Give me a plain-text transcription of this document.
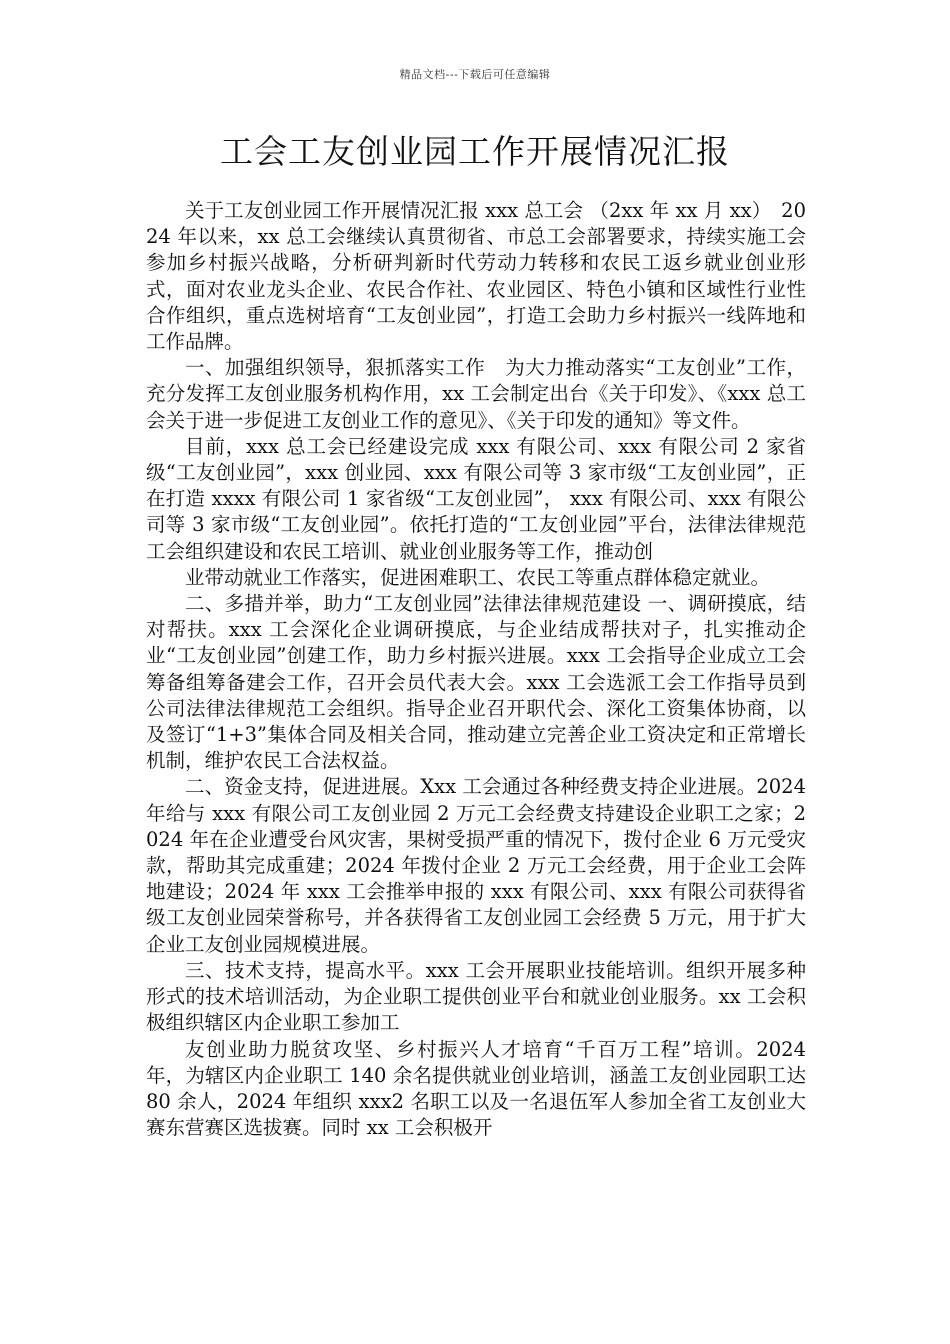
精品文档---下载后可任意编辑
工会工友创业园工作开展情况汇报

关于工友创业园工作开展情况汇报 xxx 总工会 （2xx 年 xx 月 xx）　2024 年以来，xx 总工会继续认真贯彻省、市总工会部署要求，持续实施工会参加乡村振兴战略，分析研判新时代劳动力转移和农民工返乡就业创业形式，面对农业龙头企业、农民合作社、农业园区、特色小镇和区域性行业性合作组织，重点选树培育“工友创业园”，打造工会助力乡村振兴一线阵地和工作品牌。

一、加强组织领导，狠抓落实工作　为大力推动落实“工友创业”工作，充分发挥工友创业服务机构作用，xx 工会制定出台《关于印发》、《xxx 总工会关于进一步促进工友创业工作的意见》、《关于印发的通知》等文件。

目前，xxx 总工会已经建设完成 xxx 有限公司、xxx 有限公司 2 家省级“工友创业园”，xxx 创业园、xxx 有限公司等 3 家市级“工友创业园”，正在打造 xxxx 有限公司 1 家省级“工友创业园”， xxx 有限公司、xxx 有限公司等 3 家市级“工友创业园”。依托打造的“工友创业园”平台，法律法律规范工会组织建设和农民工培训、就业创业服务等工作，推动创

业带动就业工作落实，促进困难职工、农民工等重点群体稳定就业。

二、多措并举，助力“工友创业园”法律法律规范建设 一、调研摸底，结对帮扶。xxx 工会深化企业调研摸底，与企业结成帮扶对子，扎实推动企业“工友创业园”创建工作，助力乡村振兴进展。xxx 工会指导企业成立工会筹备组筹备建会工作，召开会员代表大会。xxx 工会选派工会工作指导员到公司法律法律规范工会组织。指导企业召开职代会、深化工资集体协商，以及签订“1+3”集体合同及相关合同，推动建立完善企业工资决定和正常增长机制，维护农民工合法权益。

二、资金支持，促进进展。Xxx 工会通过各种经费支持企业进展。2024 年给与 xxx 有限公司工友创业园 2 万元工会经费支持建设企业职工之家；2024 年在企业遭受台风灾害，果树受损严重的情况下，拨付企业 6 万元受灾款，帮助其完成重建；2024 年拨付企业 2 万元工会经费，用于企业工会阵地建设；2024 年 xxx 工会推举申报的 xxx 有限公司、xxx 有限公司获得省级工友创业园荣誉称号，并各获得省工友创业园工会经费 5 万元，用于扩大企业工友创业园规模进展。

三、技术支持，提高水平。xxx 工会开展职业技能培训。组织开展多种形式的技术培训活动，为企业职工提供创业平台和就业创业服务。xx 工会积极组织辖区内企业职工参加工

友创业助力脱贫攻坚、乡村振兴人才培育“千百万工程”培训。2024 年，为辖区内企业职工 140 余名提供就业创业培训，涵盖工友创业园职工达 80 余人，2024 年组织 xxx2 名职工以及一名退伍军人参加全省工友创业大赛东营赛区选拔赛。同时 xx 工会积极开
